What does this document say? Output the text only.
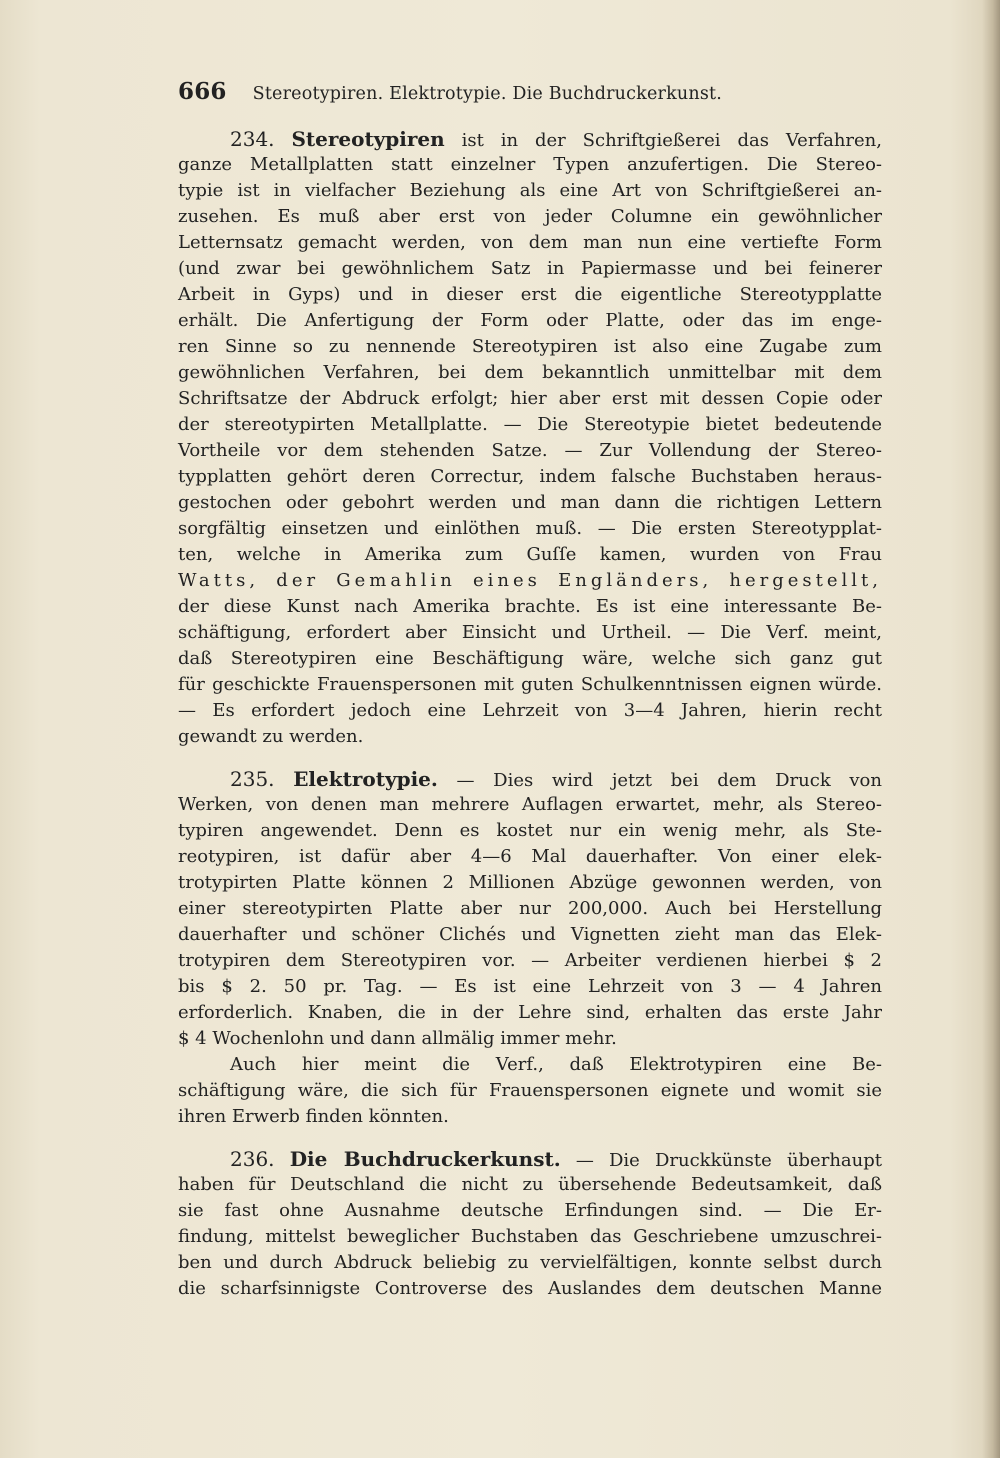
666 Stereotypiren. Elektrotypie. Die Buchdruckerkunst.
234. Stereotypiren ist in der Schriftgießerei das Verfahren,
ganze Metallplatten statt einzelner Typen anzufertigen. Die Stereo-
typie ist in vielfacher Beziehung als eine Art von Schriftgießerei an-
zusehen. Es muß aber erst von jeder Columne ein gewöhnlicher
Letternsatz gemacht werden, von dem man nun eine vertiefte Form
(und zwar bei gewöhnlichem Satz in Papiermasse und bei feinerer
Arbeit in Gyps) und in dieser erst die eigentliche Stereotypplatte
erhält. Die Anfertigung der Form oder Platte, oder das im enge-
ren Sinne so zu nennende Stereotypiren ist also eine Zugabe zum
gewöhnlichen Verfahren, bei dem bekanntlich unmittelbar mit dem
Schriftsatze der Abdruck erfolgt; hier aber erst mit dessen Copie oder
der stereotypirten Metallplatte. — Die Stereotypie bietet bedeutende
Vortheile vor dem stehenden Satze. — Zur Vollendung der Stereo-
typplatten gehört deren Correctur, indem falsche Buchstaben heraus-
gestochen oder gebohrt werden und man dann die richtigen Lettern
sorgfältig einsetzen und einlöthen muß. — Die ersten Stereotypplat-
ten, welche in Amerika zum Guſſe kamen, wurden von Frau
Watts, der Gemahlin eines Engländers, hergestellt,
der diese Kunst nach Amerika brachte. Es ist eine interessante Be-
schäftigung, erfordert aber Einsicht und Urtheil. — Die Verf. meint,
daß Stereotypiren eine Beschäftigung wäre, welche sich ganz gut
für geschickte Frauenspersonen mit guten Schulkenntnissen eignen würde.
— Es erfordert jedoch eine Lehrzeit von 3—4 Jahren, hierin recht
gewandt zu werden.
235. Elektrotypie. — Dies wird jetzt bei dem Druck von
Werken, von denen man mehrere Auflagen erwartet, mehr, als Stereo-
typiren angewendet. Denn es kostet nur ein wenig mehr, als Ste-
reotypiren, ist dafür aber 4—6 Mal dauerhafter. Von einer elek-
trotypirten Platte können 2 Millionen Abzüge gewonnen werden, von
einer stereotypirten Platte aber nur 200,000. Auch bei Herstellung
dauerhafter und schöner Clichés und Vignetten zieht man das Elek-
trotypiren dem Stereotypiren vor. — Arbeiter verdienen hierbei $ 2
bis $ 2. 50 pr. Tag. — Es ist eine Lehrzeit von 3 — 4 Jahren
erforderlich. Knaben, die in der Lehre sind, erhalten das erste Jahr
$ 4 Wochenlohn und dann allmälig immer mehr.
Auch hier meint die Verf., daß Elektrotypiren eine Be-
schäftigung wäre, die sich für Frauenspersonen eignete und womit sie
ihren Erwerb finden könnten.
236. Die Buchdruckerkunst. — Die Druckkünste überhaupt
haben für Deutschland die nicht zu übersehende Bedeutsamkeit, daß
sie fast ohne Ausnahme deutsche Erfindungen sind. — Die Er-
findung, mittelst beweglicher Buchstaben das Geschriebene umzuschrei-
ben und durch Abdruck beliebig zu vervielfältigen, konnte selbst durch
die scharfsinnigste Controverse des Auslandes dem deutschen Manne
